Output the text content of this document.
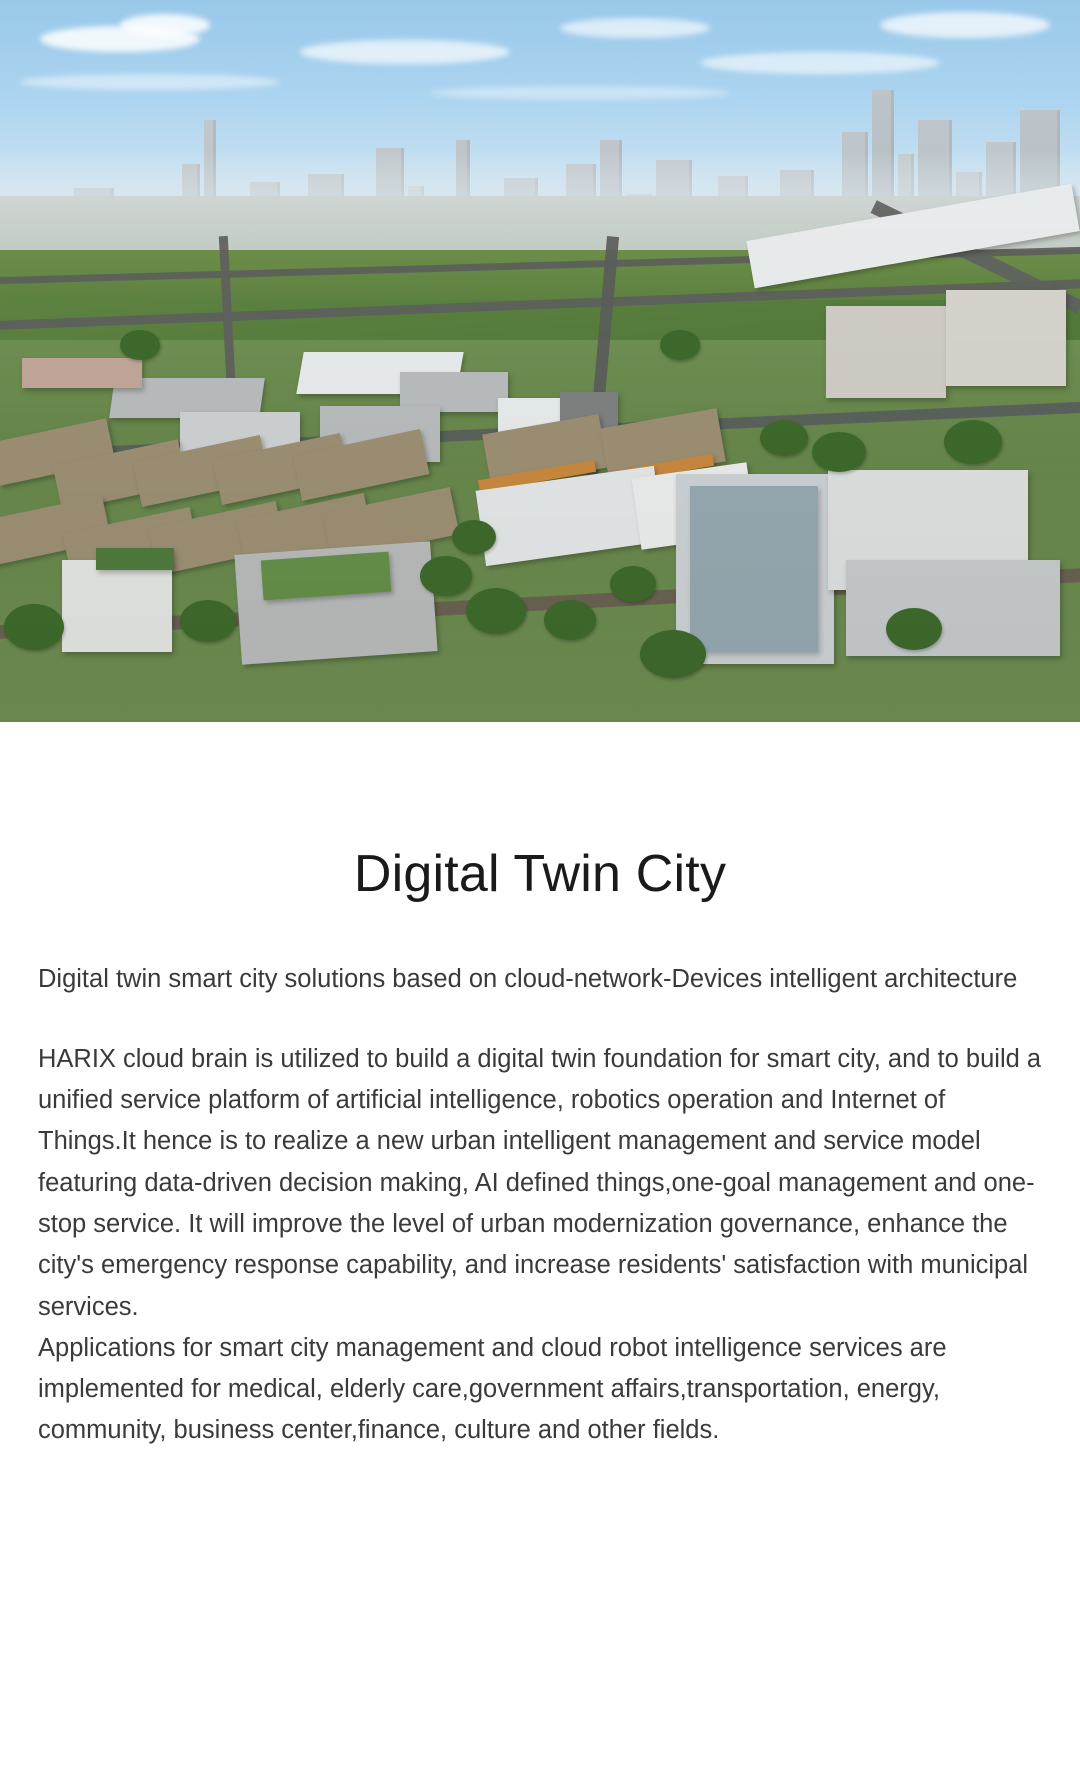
Digital Twin City

Digital twin smart city solutions based on cloud-network-Devices intelligent architecture

HARIX cloud brain is utilized to build a digital twin foundation for smart city, and to build a unified service platform of artificial intelligence, robotics operation and Internet of Things.It hence is to realize a new urban intelligent management and service model featuring data-driven decision making, AI defined things,one-goal management and one-stop service. It will improve the level of urban modernization governance, enhance the city's emergency response capability, and increase residents' satisfaction with municipal services.

Applications for smart city management and cloud robot intelligence services are implemented for medical, elderly care,government affairs,transportation, energy, community, business center,finance, culture and other fields.
